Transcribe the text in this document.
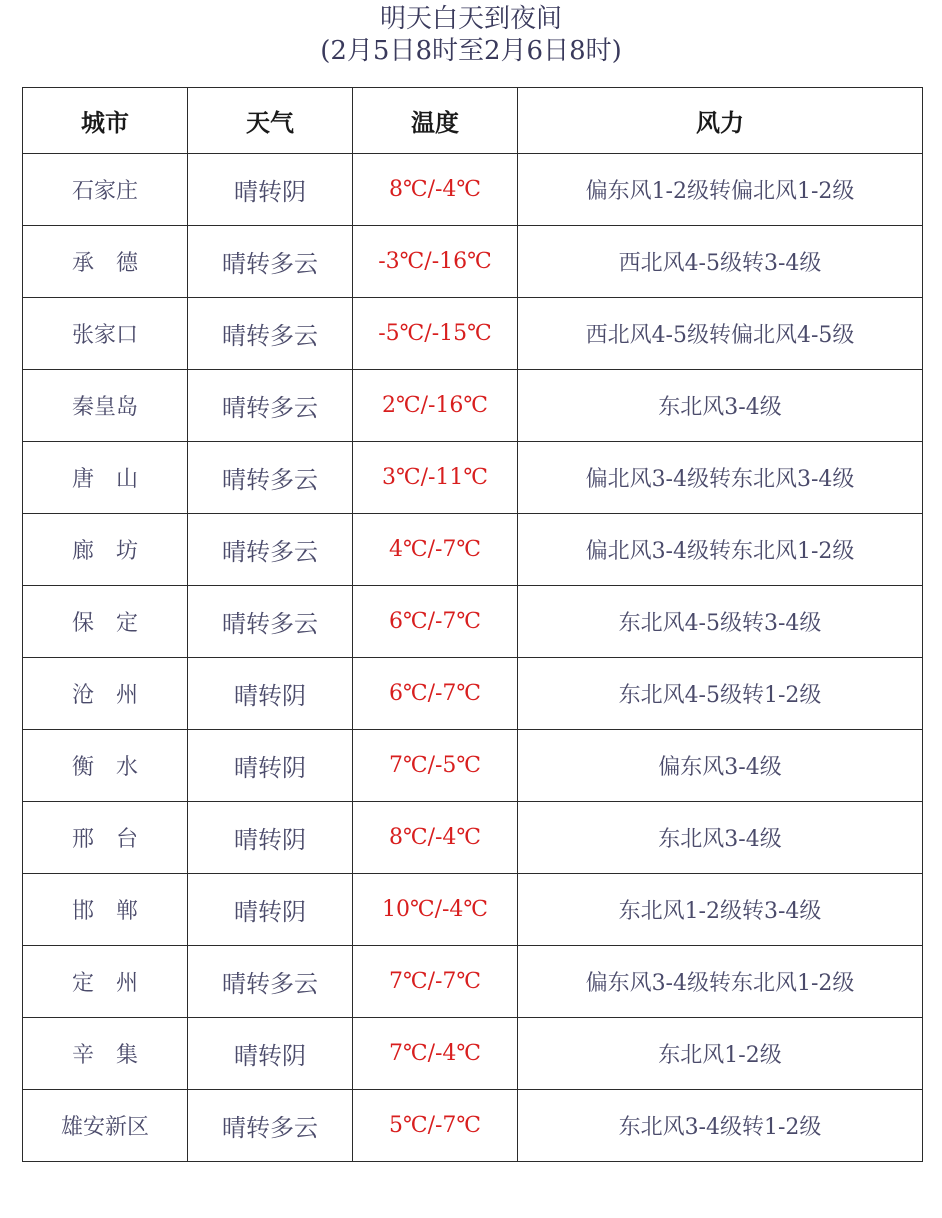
明天白天到夜间
(2月5日8时至2月6日8时)
城市	天气	温度	风力
石家庄	晴转阴	8℃/-4℃	偏东风1-2级转偏北风1-2级
承　德	晴转多云	-3℃/-16℃	西北风4-5级转3-4级
张家口	晴转多云	-5℃/-15℃	西北风4-5级转偏北风4-5级
秦皇岛	晴转多云	2℃/-16℃	东北风3-4级
唐　山	晴转多云	3℃/-11℃	偏北风3-4级转东北风3-4级
廊　坊	晴转多云	4℃/-7℃	偏北风3-4级转东北风1-2级
保　定	晴转多云	6℃/-7℃	东北风4-5级转3-4级
沧　州	晴转阴	6℃/-7℃	东北风4-5级转1-2级
衡　水	晴转阴	7℃/-5℃	偏东风3-4级
邢　台	晴转阴	8℃/-4℃	东北风3-4级
邯　郸	晴转阴	10℃/-4℃	东北风1-2级转3-4级
定　州	晴转多云	7℃/-7℃	偏东风3-4级转东北风1-2级
辛　集	晴转阴	7℃/-4℃	东北风1-2级
雄安新区	晴转多云	5℃/-7℃	东北风3-4级转1-2级
